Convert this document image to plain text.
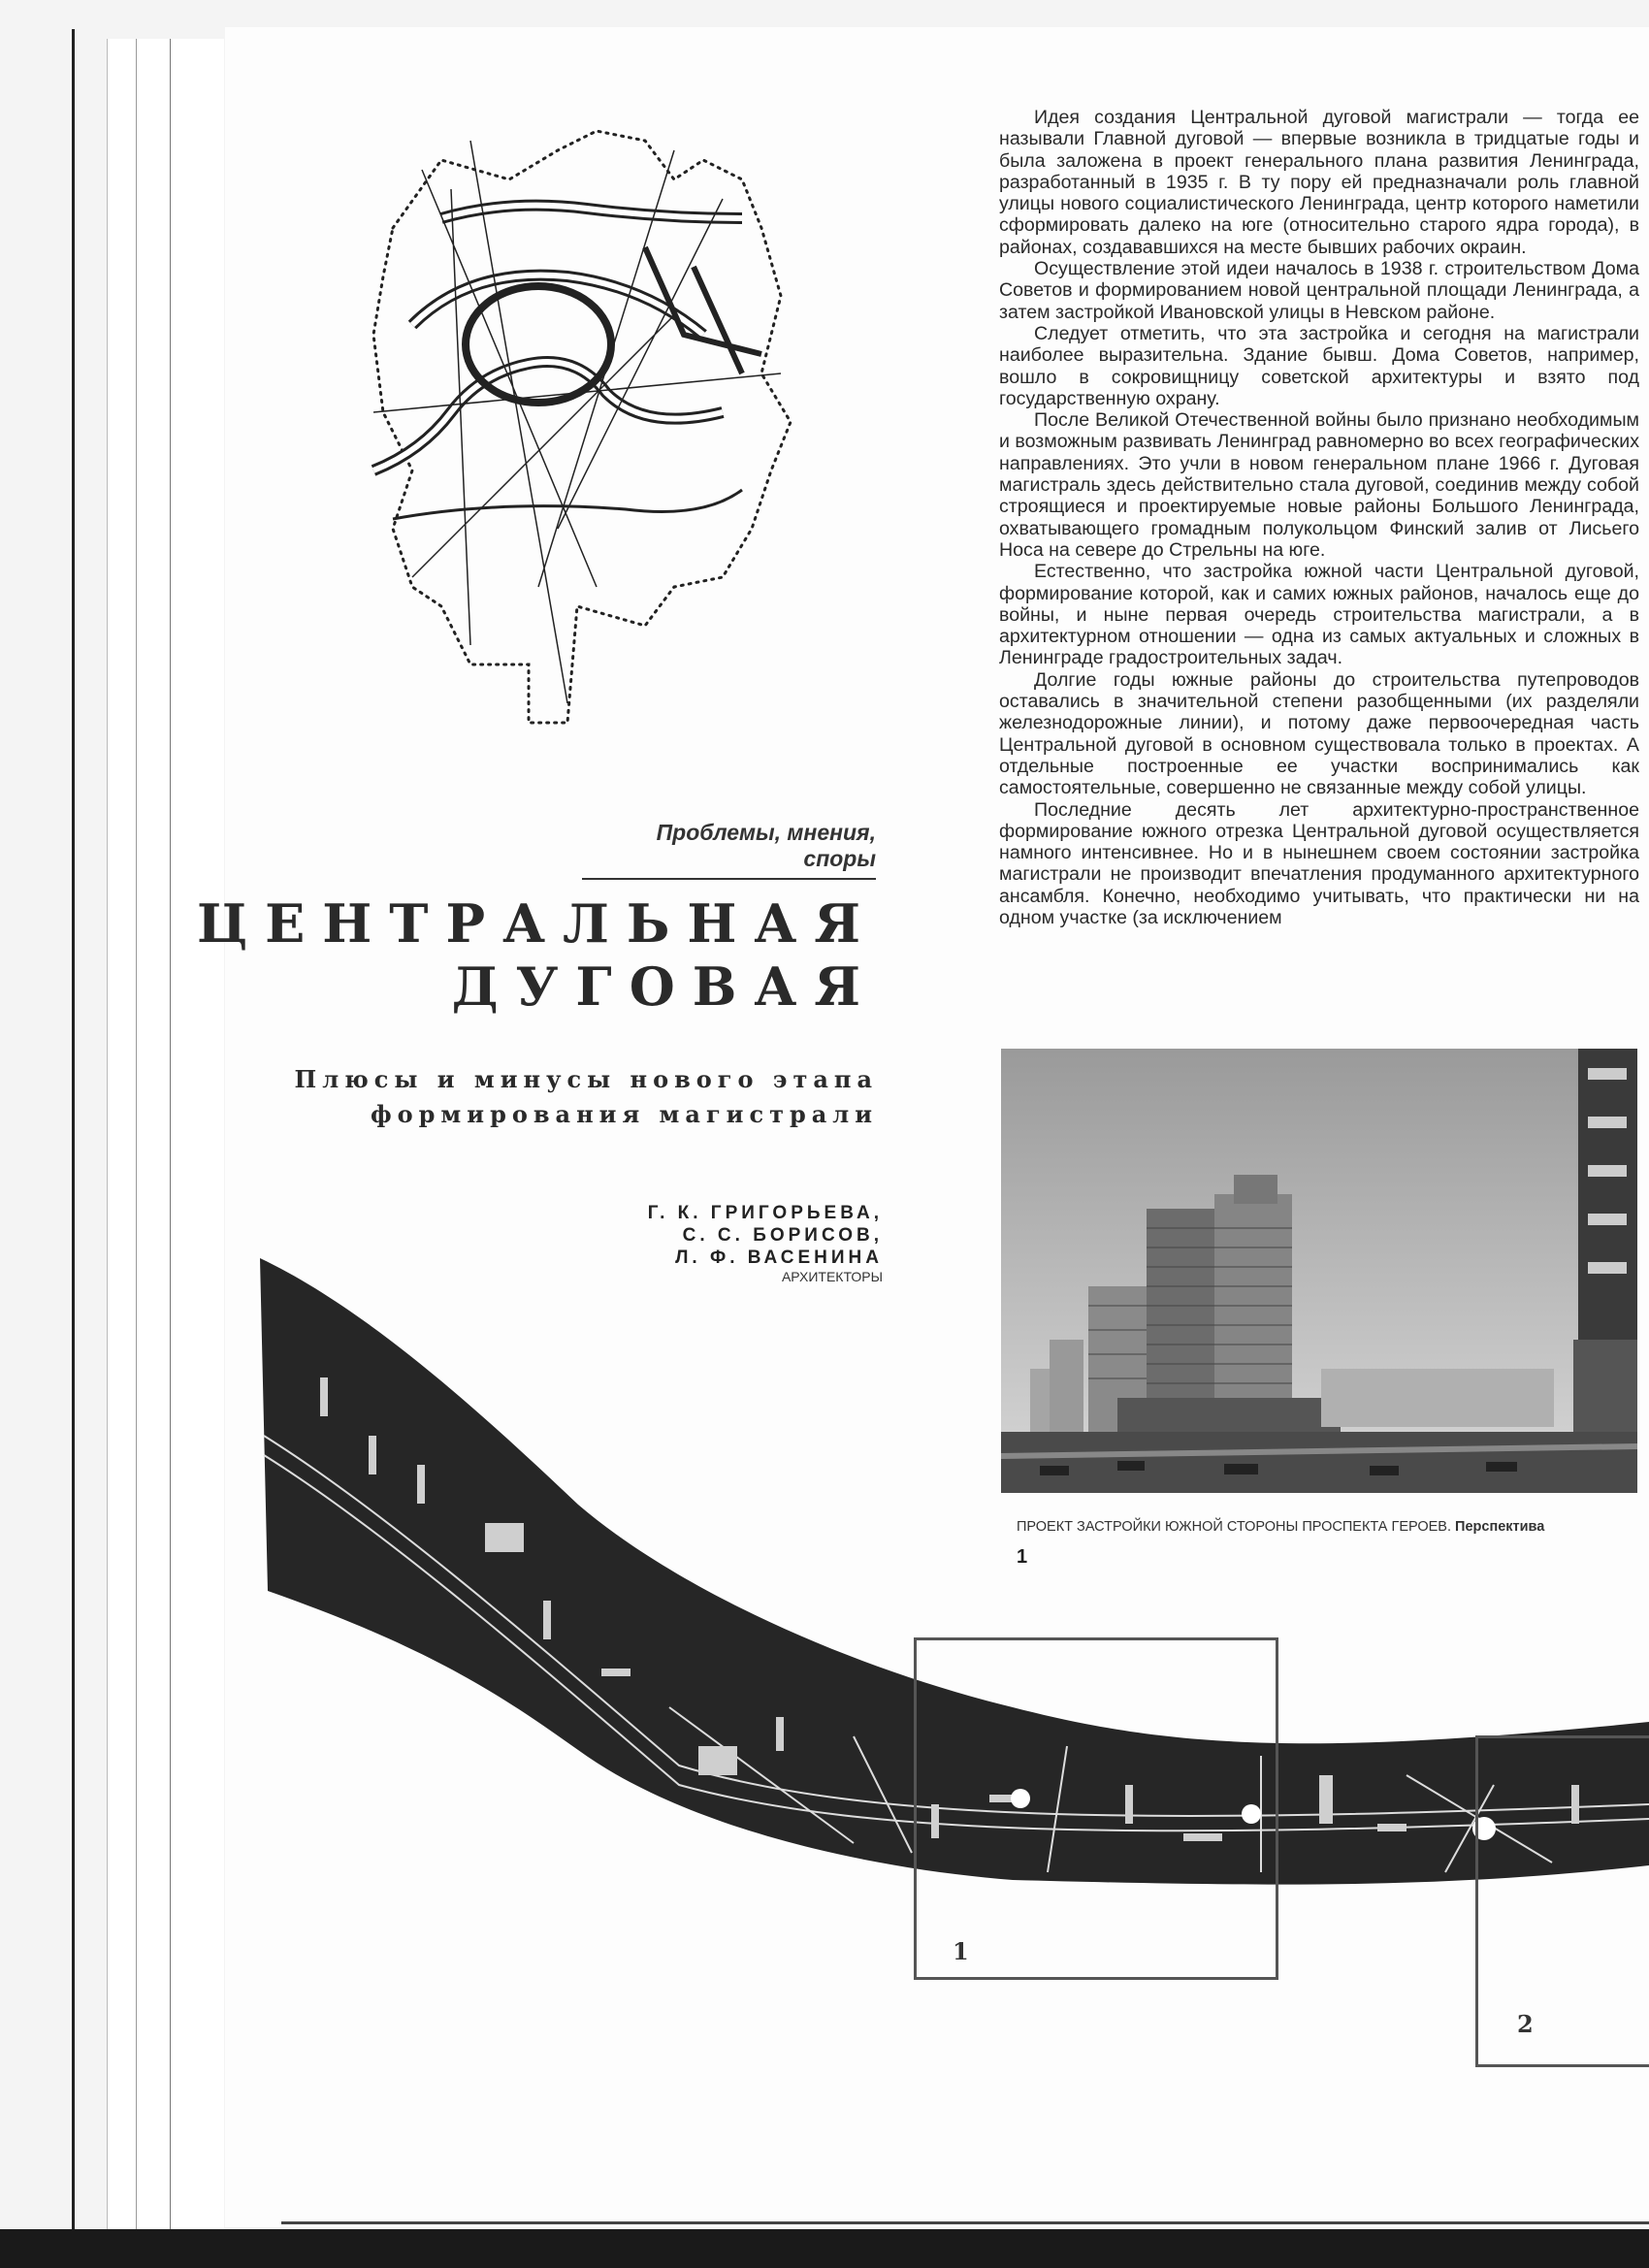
Проблемы, мнения, споры
ЦЕНТРАЛЬНАЯ
ДУГОВАЯ
Плюсы и минусы нового этапа
формирования магистрали
Г. К. ГРИГОРЬЕВА,
С. С. БОРИСОВ,
Л. Ф. ВАСЕНИНА
АРХИТЕКТОРЫ

Идея создания Центральной дуговой магистрали — тогда ее называли Главной дуговой — впервые возникла в тридцатые годы и была заложена в проект генерального плана развития Ленинграда, разработанный в 1935 г. В ту пору ей предназначали роль главной улицы нового социалистического Ленинграда, центр которого наметили сформировать далеко на юге (относительно старого ядра города), в районах, создававшихся на месте бывших рабочих окраин.

Осуществление этой идеи началось в 1938 г. строительством Дома Советов и формированием новой центральной площади Ленинграда, а затем застройкой Ивановской улицы в Невском районе.

Следует отметить, что эта застройка и сегодня на магистрали наиболее выразительна. Здание бывш. Дома Советов, например, вошло в сокровищницу советской архитектуры и взято под государственную охрану.

После Великой Отечественной войны было признано необходимым и возможным развивать Ленинград равномерно во всех географических направлениях. Это учли в новом генеральном плане 1966 г. Дуговая магистраль здесь действительно стала дуговой, соединив между собой строящиеся и проектируемые новые районы Большого Ленинграда, охватывающего громадным полукольцом Финский залив от Лисьего Носа на севере до Стрельны на юге.

Естественно, что застройка южной части Центральной дуговой, формирование которой, как и самих южных районов, началось еще до войны, и ныне первая очередь строительства магистрали, а в архитектурном отношении — одна из самых актуальных и сложных в Ленинграде градостроительных задач.

Долгие годы южные районы до строительства путепроводов оставались в значительной степени разобщенными (их разделяли железнодорожные линии), и потому даже первоочередная часть Центральной дуговой в основном существовала только в проектах. А отдельные построенные ее участки воспринимались как самостоятельные, совершенно не связанные между собой улицы.

Последние десять лет архитектурно-пространственное формирование южного отрезка Центральной дуговой осуществляется намного интенсивнее. Но и в нынешнем своем состоянии застройка магистрали не производит впечатления продуманного архитектурного ансамбля. Конечно, необходимо учитывать, что практически ни на одном участке (за исключением

ПРОЕКТ ЗАСТРОЙКИ ЮЖНОЙ СТОРОНЫ ПРОСПЕКТА ГЕРОЕВ. Перспектива
1
1
2
